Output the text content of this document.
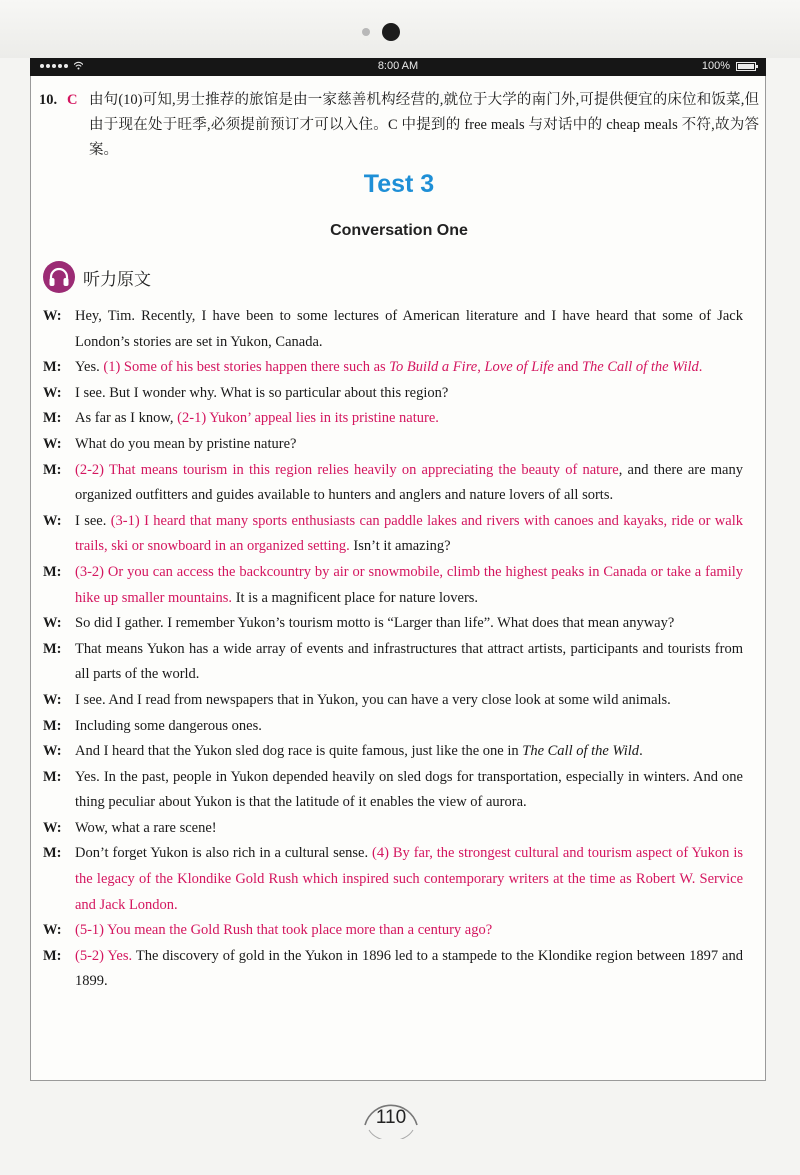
8:00 AM	100%
10. C 由句(10)可知,男士推荐的旅馆是由一家慈善机构经营的,就位于大学的南门外,可提供便宜的床位和饭菜,但由于现在处于旺季,必须提前预订才可以入住。C 中提到的 free meals 与对话中的 cheap meals 不符,故为答案。
Test 3
Conversation One
听力原文
W: Hey, Tim. Recently, I have been to some lectures of American literature and I have heard that some of Jack London’s stories are set in Yukon, Canada.
M: Yes. (1) Some of his best stories happen there such as To Build a Fire, Love of Life and The Call of the Wild.
W: I see. But I wonder why. What is so particular about this region?
M: As far as I know, (2-1) Yukon’ appeal lies in its pristine nature.
W: What do you mean by pristine nature?
M: (2-2) That means tourism in this region relies heavily on appreciating the beauty of nature, and there are many organized outfitters and guides available to hunters and anglers and nature lovers of all sorts.
W: I see. (3-1) I heard that many sports enthusiasts can paddle lakes and rivers with canoes and kayaks, ride or walk trails, ski or snowboard in an organized setting. Isn’t it amazing?
M: (3-2) Or you can access the backcountry by air or snowmobile, climb the highest peaks in Canada or take a family hike up smaller mountains. It is a magnificent place for nature lovers.
W: So did I gather. I remember Yukon’s tourism motto is “Larger than life”. What does that mean anyway?
M: That means Yukon has a wide array of events and infrastructures that attract artists, participants and tourists from all parts of the world.
W: I see. And I read from newspapers that in Yukon, you can have a very close look at some wild animals.
M: Including some dangerous ones.
W: And I heard that the Yukon sled dog race is quite famous, just like the one in The Call of the Wild.
M: Yes. In the past, people in Yukon depended heavily on sled dogs for transportation, especially in winters. And one thing peculiar about Yukon is that the latitude of it enables the view of aurora.
W: Wow, what a rare scene!
M: Don’t forget Yukon is also rich in a cultural sense. (4) By far, the strongest cultural and tourism aspect of Yukon is the legacy of the Klondike Gold Rush which inspired such contemporary writers at the time as Robert W. Service and Jack London.
W: (5-1) You mean the Gold Rush that took place more than a century ago?
M: (5-2) Yes. The discovery of gold in the Yukon in 1896 led to a stampede to the Klondike region between 1897 and 1899.
110
